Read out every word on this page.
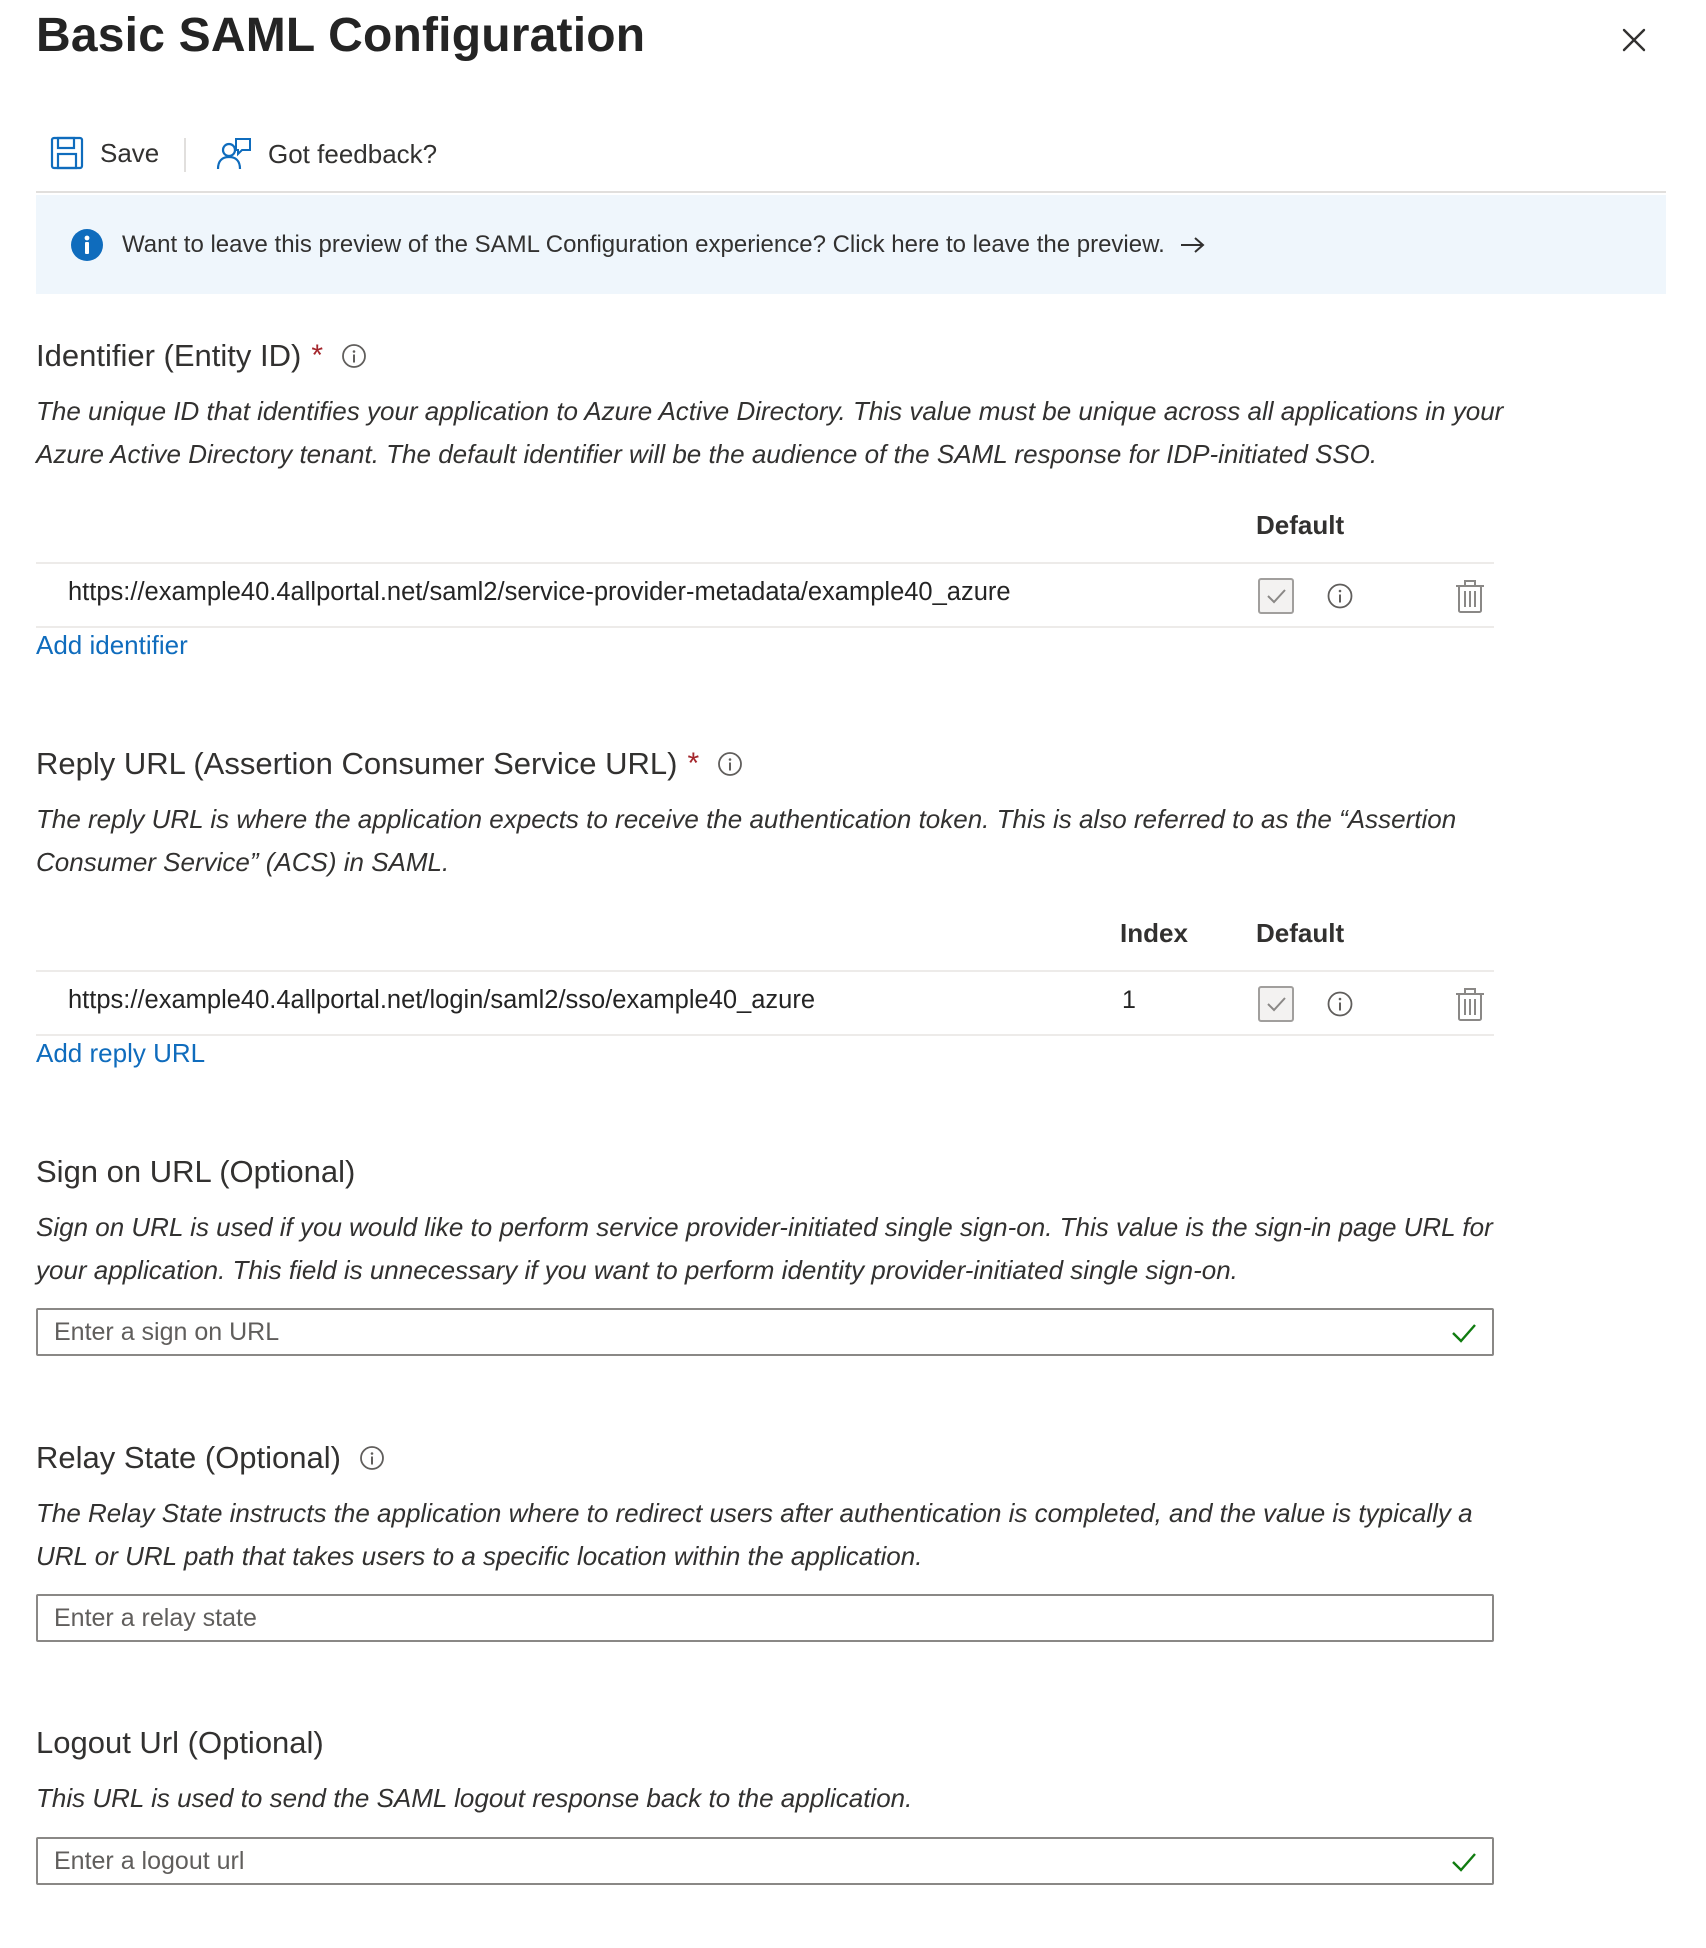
Basic SAML Configuration
Save	Got feedback?
Want to leave this preview of the SAML Configuration experience? Click here to leave the preview.
Identifier (Entity ID) *
The unique ID that identifies your application to Azure Active Directory. This value must be unique across all applications in your Azure Active Directory tenant. The default identifier will be the audience of the SAML response for IDP-initiated SSO.
Default
https://example40.4allportal.net/saml2/service-provider-metadata/example40_azure
Add identifier
Reply URL (Assertion Consumer Service URL) *
The reply URL is where the application expects to receive the authentication token. This is also referred to as the “Assertion Consumer Service” (ACS) in SAML.
Index	Default
https://example40.4allportal.net/login/saml2/sso/example40_azure	1
Add reply URL
Sign on URL (Optional)
Sign on URL is used if you would like to perform service provider-initiated single sign-on. This value is the sign-in page URL for your application. This field is unnecessary if you want to perform identity provider-initiated single sign-on.
Enter a sign on URL
Relay State (Optional)
The Relay State instructs the application where to redirect users after authentication is completed, and the value is typically a URL or URL path that takes users to a specific location within the application.
Enter a relay state
Logout Url (Optional)
This URL is used to send the SAML logout response back to the application.
Enter a logout url
